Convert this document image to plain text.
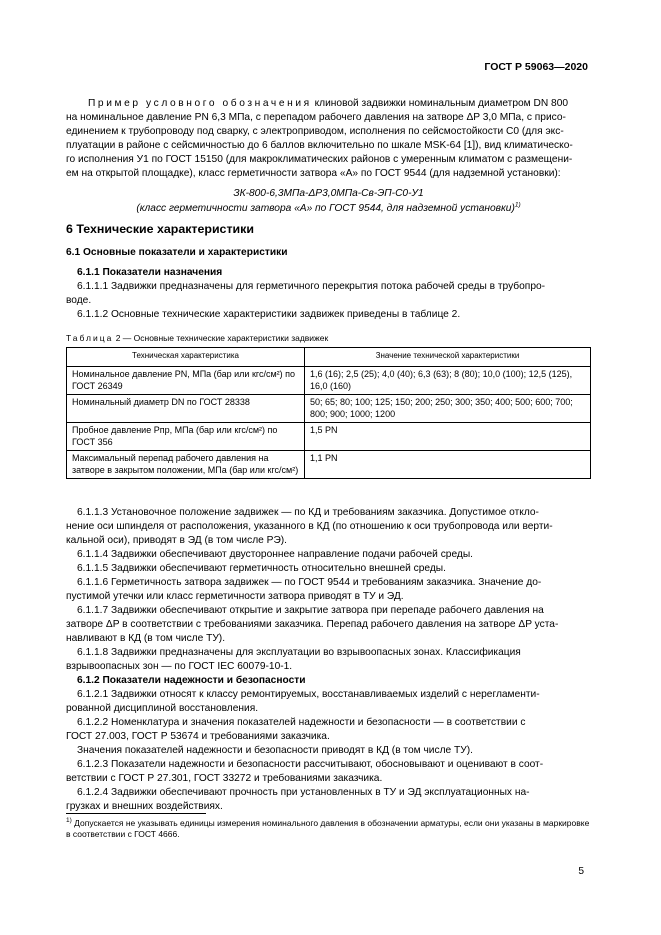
ГОСТ Р 59063—2020
Пример условного обозначения клиновой задвижки номинальным диаметром DN 800
на номинальное давление PN 6,3 МПа, с перепадом рабочего давления на затворе ΔP 3,0 МПа, с присо-
единением к трубопроводу под сварку, с электроприводом, исполнения по сейсмостойкости С0 (для экс-
плуатации в районе с сейсмичностью до 6 баллов включительно по шкале MSK-64 [1]), вид климатическо-
го исполнения У1 по ГОСТ 15150 (для макроклиматических районов с умеренным климатом с размещени-
ем на открытой площадке), класс герметичности затвора «А» по ГОСТ 9544 (для надземной установки):
ЗК-800-6,3МПа-ΔР3,0МПа-Св-ЭП-С0-У1
(класс герметичности затвора «А» по ГОСТ 9544, для надземной установки)$^{1)}$
6 Технические характеристики
6.1 Основные показатели и характеристики
6.1.1 Показатели назначения
6.1.1.1 Задвижки предназначены для герметичного перекрытия потока рабочей среды в трубопро-
воде.
6.1.1.2 Основные технические характеристики задвижек приведены в таблице 2.
Таблица 2 — Основные технические характеристики задвижек
Техническая характеристика	Значение технической характеристики
Номинальное давление PN, МПа (бар или кгс/см²) по ГОСТ 26349	1,6 (16); 2,5 (25); 4,0 (40); 6,3 (63); 8 (80); 10,0 (100); 12,5 (125), 16,0 (160)
Номинальный диаметр DN по ГОСТ 28338	50; 65; 80; 100; 125; 150; 200; 250; 300; 350; 400; 500; 600; 700; 800; 900; 1000; 1200
Пробное давление Pпр, МПа (бар или кгс/см²) по ГОСТ 356	1,5 PN
Максимальный перепад рабочего давления на затворе в закрытом положении, МПа (бар или кгс/см²)	1,1 PN
6.1.1.3 Установочное положение задвижек — по КД и требованиям заказчика. Допустимое откло-
нение оси шпинделя от расположения, указанного в КД (по отношению к оси трубопровода или верти-
кальной оси), приводят в ЭД (в том числе РЭ).
6.1.1.4 Задвижки обеспечивают двустороннее направление подачи рабочей среды.
6.1.1.5 Задвижки обеспечивают герметичность относительно внешней среды.
6.1.1.6 Герметичность затвора задвижек — по ГОСТ 9544 и требованиям заказчика. Значение до-
пустимой утечки или класс герметичности затвора приводят в ТУ и ЭД.
6.1.1.7 Задвижки обеспечивают открытие и закрытие затвора при перепаде рабочего давления на
затворе ΔP в соответствии с требованиями заказчика. Перепад рабочего давления на затворе ΔP уста-
навливают в КД (в том числе ТУ).
6.1.1.8 Задвижки предназначены для эксплуатации во взрывоопасных зонах. Классификация
взрывоопасных зон — по ГОСТ IEC 60079-10-1.
6.1.2 Показатели надежности и безопасности
6.1.2.1 Задвижки относят к классу ремонтируемых, восстанавливаемых изделий с нерегламенти-
рованной дисциплиной восстановления.
6.1.2.2 Номенклатура и значения показателей надежности и безопасности — в соответствии с
ГОСТ 27.003, ГОСТ Р 53674 и требованиями заказчика.
Значения показателей надежности и безопасности приводят в КД (в том числе ТУ).
6.1.2.3 Показатели надежности и безопасности рассчитывают, обосновывают и оценивают в соот-
ветствии с ГОСТ Р 27.301, ГОСТ 33272 и требованиями заказчика.
6.1.2.4 Задвижки обеспечивают прочность при установленных в ТУ и ЭД эксплуатационных на-
грузках и внешних воздействиях.
$^{1)}$ Допускается не указывать единицы измерения номинального давления в обозначении арматуры, если они указаны в маркировке в соответствии с ГОСТ 4666.
5
